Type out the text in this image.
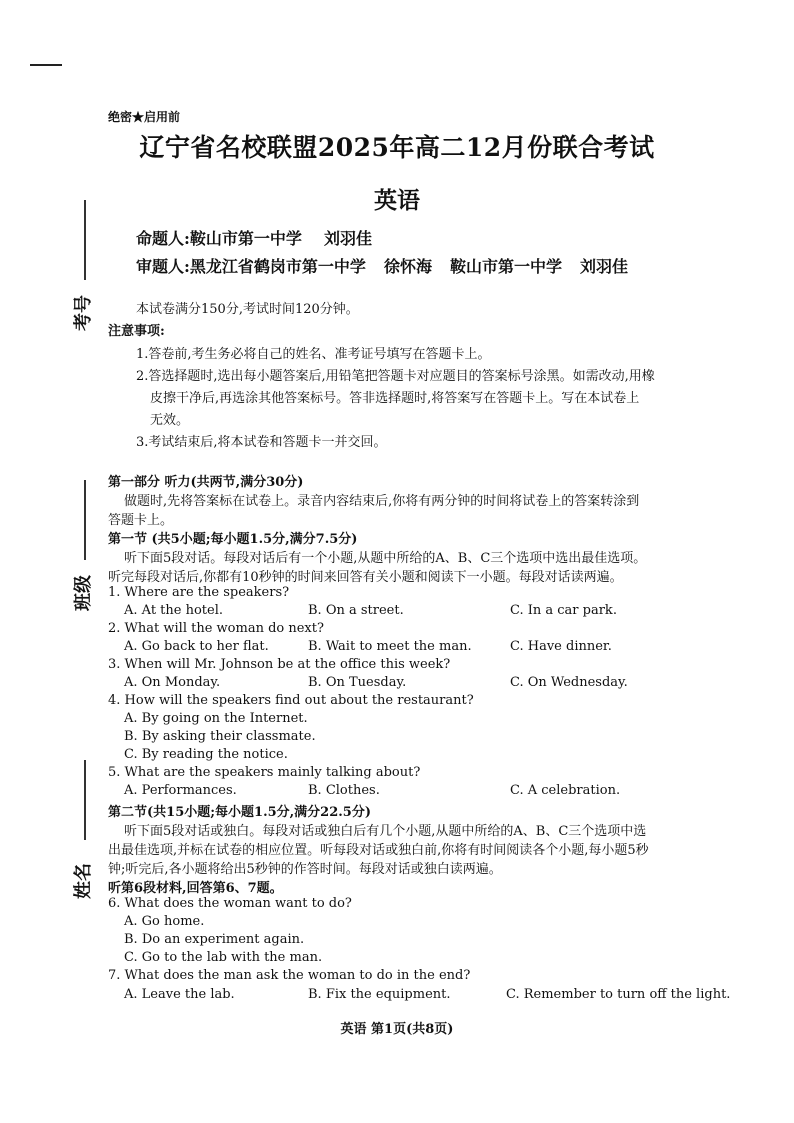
绝密★启用前
辽宁省名校联盟2025年高二12月份联合考试
英语
命题人:鞍山市第一中学 刘羽佳
审题人:黑龙江省鹤岗市第一中学 徐怀海 鞍山市第一中学 刘羽佳
考号
班级
姓名
本试卷满分150分,考试时间120分钟。
注意事项:
1.答卷前,考生务必将自己的姓名、准考证号填写在答题卡上。
2.答选择题时,选出每小题答案后,用铅笔把答题卡对应题目的答案标号涂黑。如需改动,用橡
皮擦干净后,再选涂其他答案标号。答非选择题时,将答案写在答题卡上。写在本试卷上
无效。
3.考试结束后,将本试卷和答题卡一并交回。
第一部分 听力(共两节,满分30分)
做题时,先将答案标在试卷上。录音内容结束后,你将有两分钟的时间将试卷上的答案转涂到
答题卡上。
第一节 (共5小题;每小题1.5分,满分7.5分)
听下面5段对话。每段对话后有一个小题,从题中所给的A、B、C三个选项中选出最佳选项。
听完每段对话后,你都有10秒钟的时间来回答有关小题和阅读下一小题。每段对话读两遍。
1. Where are the speakers?
A. At the hotel.	B. On a street.	C. In a car park.
2. What will the woman do next?
A. Go back to her flat.	B. Wait to meet the man.	C. Have dinner.
3. When will Mr. Johnson be at the office this week?
A. On Monday.	B. On Tuesday.	C. On Wednesday.
4. How will the speakers find out about the restaurant?
A. By going on the Internet.
B. By asking their classmate.
C. By reading the notice.
5. What are the speakers mainly talking about?
A. Performances.	B. Clothes.	C. A celebration.
第二节(共15小题;每小题1.5分,满分22.5分)
听下面5段对话或独白。每段对话或独白后有几个小题,从题中所给的A、B、C三个选项中选
出最佳选项,并标在试卷的相应位置。听每段对话或独白前,你将有时间阅读各个小题,每小题5秒
钟;听完后,各小题将给出5秒钟的作答时间。每段对话或独白读两遍。
听第6段材料,回答第6、7题。
6. What does the woman want to do?
A. Go home.
B. Do an experiment again.
C. Go to the lab with the man.
7. What does the man ask the woman to do in the end?
A. Leave the lab.	B. Fix the equipment.	C. Remember to turn off the light.
英语 第1页(共8页)
